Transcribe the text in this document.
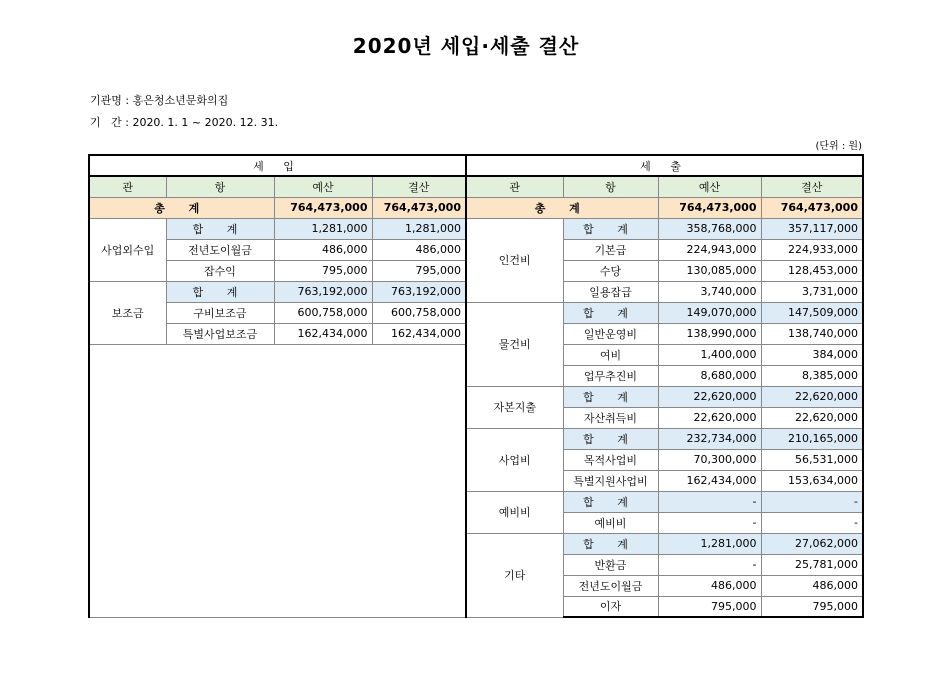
2020년 세입·세출 결산
기관명 : 홍은청소년문화의집
기   간 : 2020. 1. 1 ~ 2020. 12. 31.
(단위 : 원)
세 입				세 출			
관	항	예산	결산	관	항	예산	결산
총 계		764,473,000	764,473,000	총 계		764,473,000	764,473,000
사업외수입	합 계	1,281,000	1,281,000	인건비	합 계	358,768,000	357,117,000
	전년도이월금	486,000	486,000		기본급	224,943,000	224,933,000
	잡수익	795,000	795,000		수당	130,085,000	128,453,000
보조금	합 계	763,192,000	763,192,000		일용잡급	3,740,000	3,731,000
	구비보조금	600,758,000	600,758,000	물건비	합 계	149,070,000	147,509,000
	특별사업보조금	162,434,000	162,434,000		일반운영비	138,990,000	138,740,000
					여비	1,400,000	384,000
					업무추진비	8,680,000	8,385,000
				자본지출	합 계	22,620,000	22,620,000
					자산취득비	22,620,000	22,620,000
				사업비	합 계	232,734,000	210,165,000
					목적사업비	70,300,000	56,531,000
					특별지원사업비	162,434,000	153,634,000
				예비비	합 계	-	-
					예비비	-	-
				기타	합 계	1,281,000	27,062,000
					반환금	-	25,781,000
					전년도이월금	486,000	486,000
					이자	795,000	795,000
